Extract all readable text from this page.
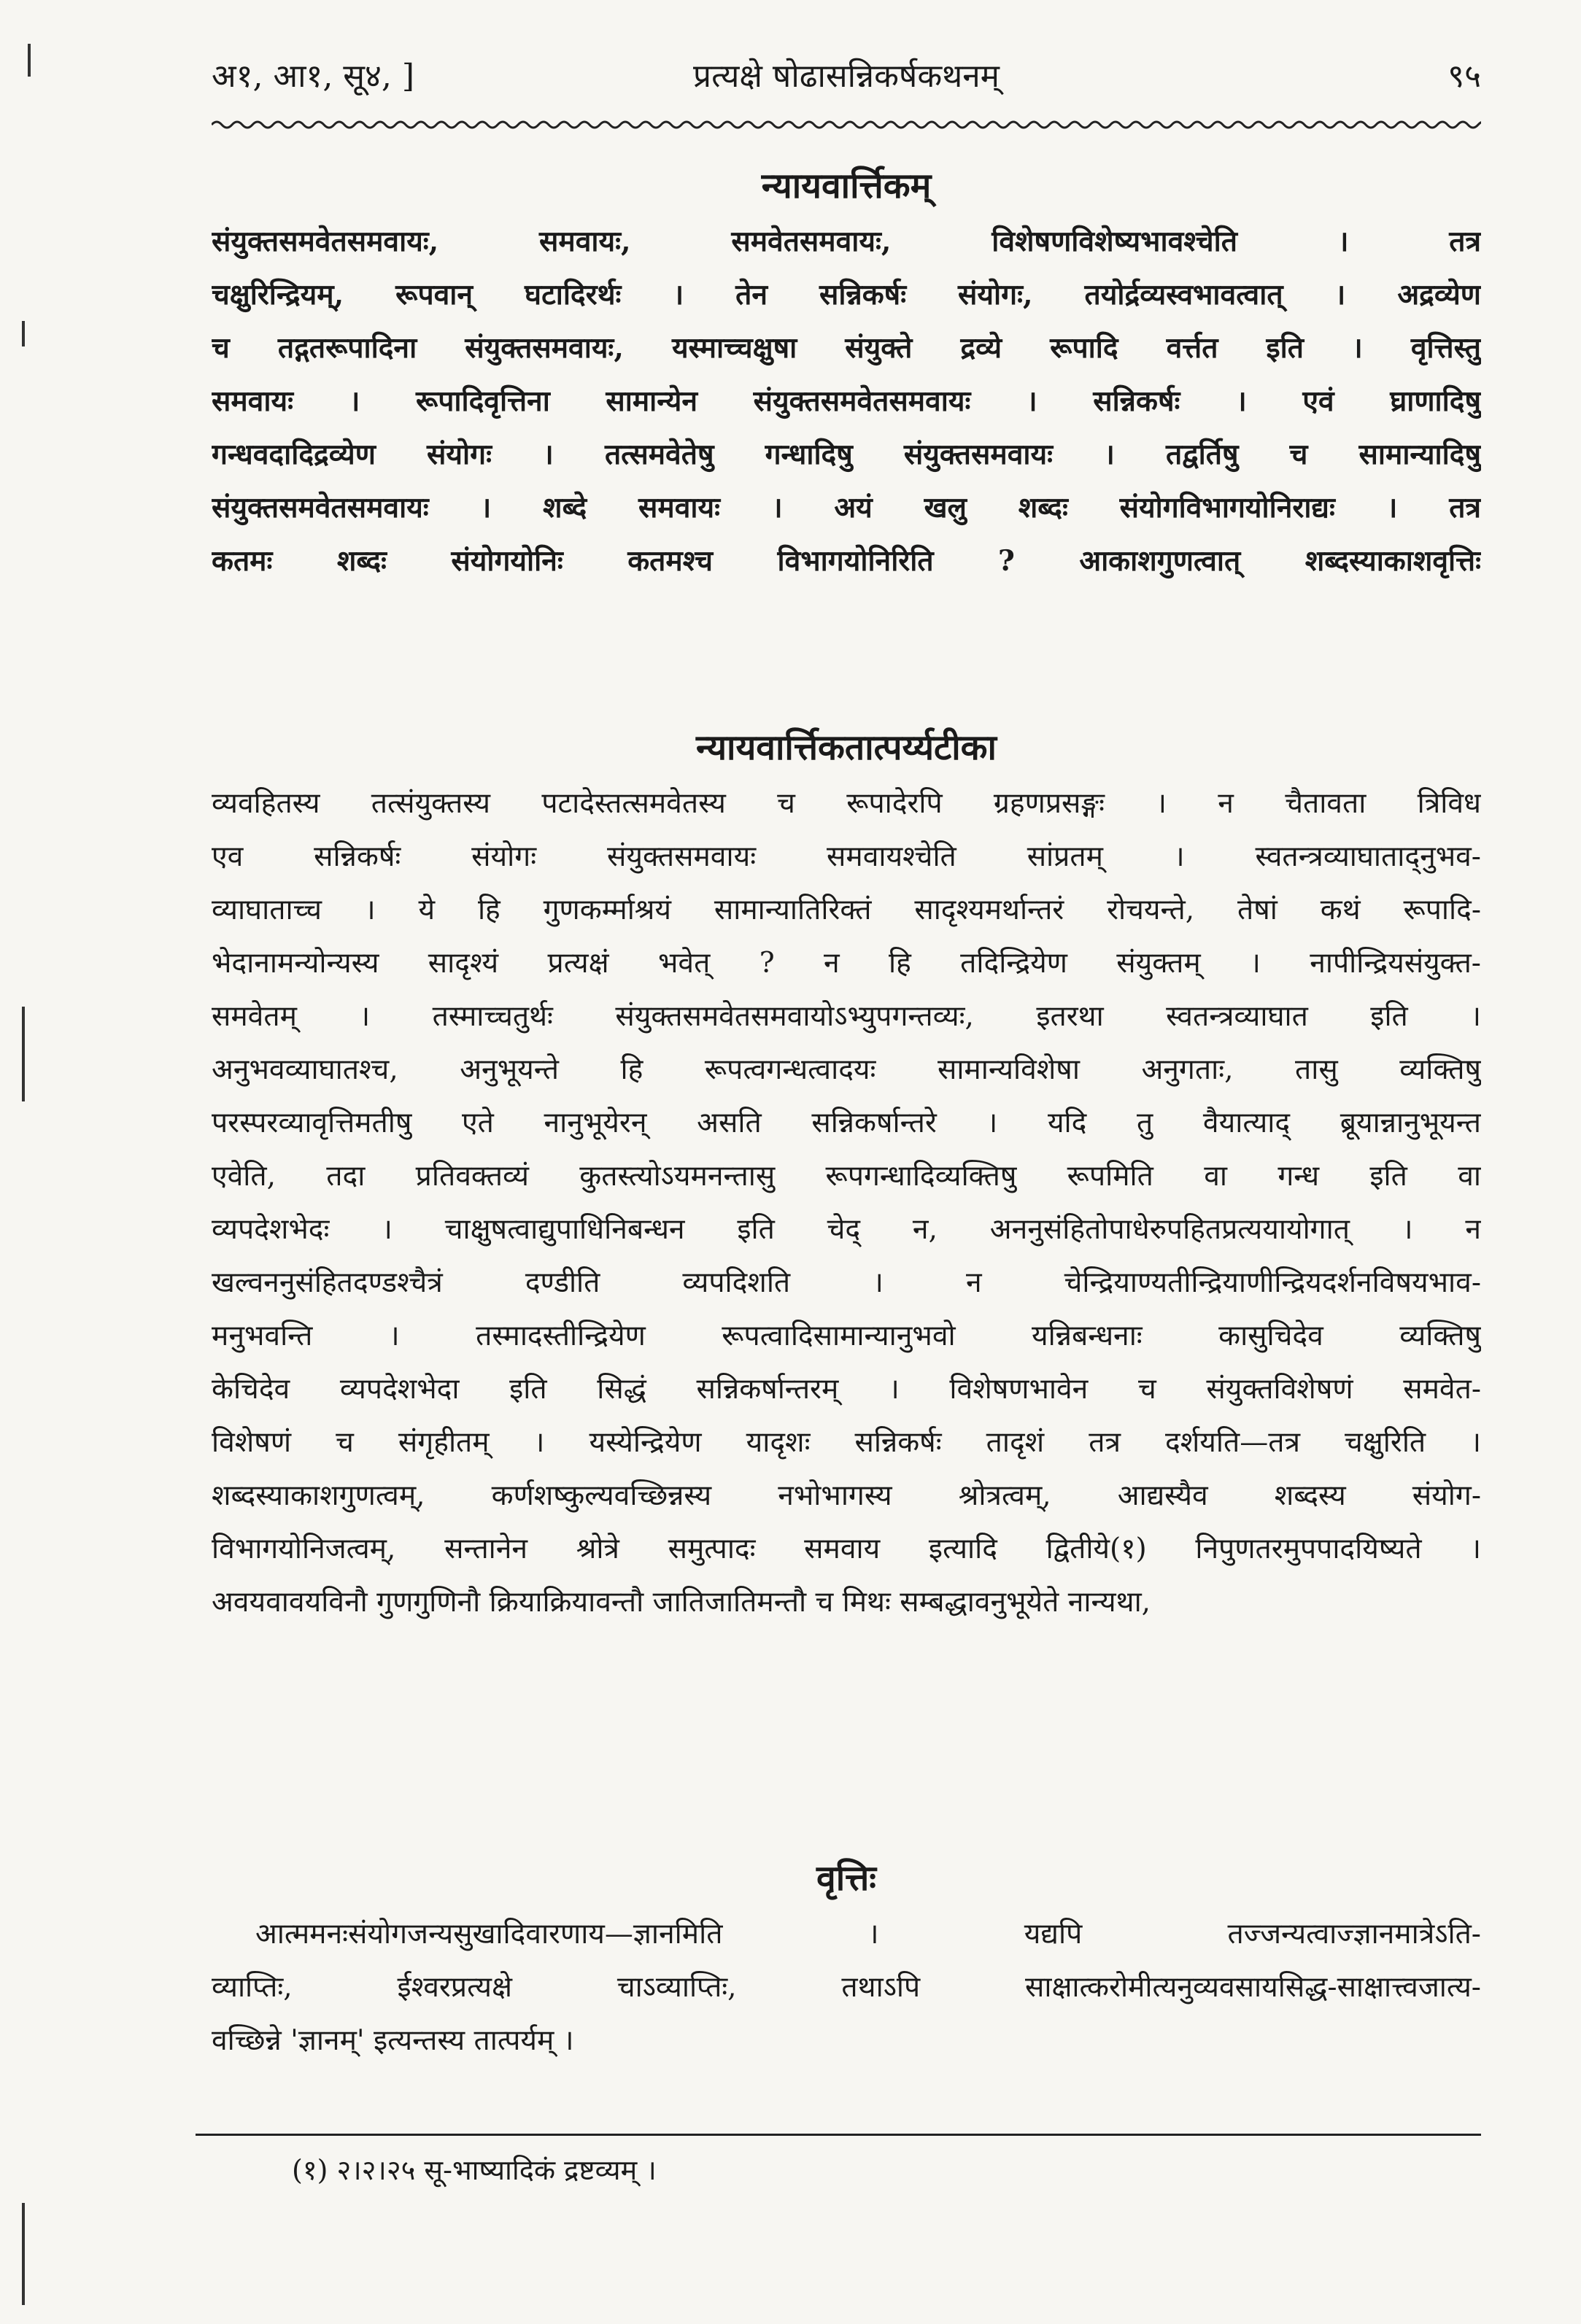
अ१, आ१, सू४, ]	प्रत्यक्षे षोढासन्निकर्षकथनम्	९५
न्यायवार्त्तिकम्
संयुक्तसमवेतसमवायः, समवायः, समवेतसमवायः, विशेषणविशेष्यभावश्चेति । तत्र
चक्षुरिन्द्रियम्, रूपवान् घटादिरर्थः । तेन सन्निकर्षः संयोगः, तयोर्द्रव्यस्वभावत्वात् । अद्रव्येण
च तद्गतरूपादिना संयुक्तसमवायः, यस्माच्चक्षुषा संयुक्ते द्रव्ये रूपादि वर्त्तत इति । वृत्तिस्तु
समवायः । रूपादिवृत्तिना सामान्येन संयुक्तसमवेतसमवायः । सन्निकर्षः । एवं घ्राणादिषु
गन्धवदादिद्रव्येण संयोगः । तत्समवेतेषु गन्धादिषु संयुक्तसमवायः । तद्वर्तिषु च सामान्यादिषु
संयुक्तसमवेतसमवायः । शब्दे समवायः । अयं खलु शब्दः संयोगविभागयोनिराद्यः । तत्र
कतमः शब्दः संयोगयोनिः कतमश्च विभागयोनिरिति ? आकाशगुणत्वात् शब्दस्याकाशवृत्तिः
न्यायवार्त्तिकतात्पर्य्यटीका
व्यवहितस्य तत्संयुक्तस्य पटादेस्तत्समवेतस्य च रूपादेरपि ग्रहणप्रसङ्गः । न चैतावता त्रिविध
एव सन्निकर्षः संयोगः संयुक्तसमवायः समवायश्चेति सांप्रतम् । स्वतन्त्रव्याघाताद्नुभव-
व्याघाताच्च । ये हि गुणकर्म्माश्रयं सामान्यातिरिक्तं सादृश्यमर्थान्तरं रोचयन्ते, तेषां कथं रूपादि-
भेदानामन्योन्यस्य सादृश्यं प्रत्यक्षं भवेत् ? न हि तदिन्द्रियेण संयुक्तम् । नापीन्द्रियसंयुक्त-
समवेतम् । तस्माच्चतुर्थः संयुक्तसमवेतसमवायोऽभ्युपगन्तव्यः, इतरथा स्वतन्त्रव्याघात इति ।
अनुभवव्याघातश्च, अनुभूयन्ते हि रूपत्वगन्धत्वादयः सामान्यविशेषा अनुगताः, तासु व्यक्तिषु
परस्परव्यावृत्तिमतीषु एते नानुभूयेरन् असति सन्निकर्षान्तरे । यदि तु वैयात्याद् ब्रूयान्नानुभूयन्त
एवेति, तदा प्रतिवक्तव्यं कुतस्त्योऽयमनन्तासु रूपगन्धादिव्यक्तिषु रूपमिति वा गन्ध इति वा
व्यपदेशभेदः । चाक्षुषत्वाद्युपाधिनिबन्धन इति चेद् न, अननुसंहितोपाधेरुपहितप्रत्ययायोगात् । न
खल्वननुसंहितदण्डश्चैत्रं दण्डीति व्यपदिशति । न चेन्द्रियाण्यतीन्द्रियाणीन्द्रियदर्शनविषयभाव-
मनुभवन्ति । तस्मादस्तीन्द्रियेण रूपत्वादिसामान्यानुभवो यन्निबन्धनाः कासुचिदेव व्यक्तिषु
केचिदेव व्यपदेशभेदा इति सिद्धं सन्निकर्षान्तरम् । विशेषणभावेन च संयुक्तविशेषणं समवेत-
विशेषणं च संगृहीतम् । यस्येन्द्रियेण यादृशः सन्निकर्षः तादृशं तत्र दर्शयति—तत्र चक्षुरिति ।
शब्दस्याकाशगुणत्वम्, कर्णशष्कुल्यवच्छिन्नस्य नभोभागस्य श्रोत्रत्वम्, आद्यस्यैव शब्दस्य संयोग-
विभागयोनिजत्वम्, सन्तानेन श्रोत्रे समुत्पादः समवाय इत्यादि द्वितीये(१) निपुणतरमुपपादयिष्यते ।
अवयवावयविनौ गुणगुणिनौ क्रियाक्रियावन्तौ जातिजातिमन्तौ च मिथः सम्बद्धावनुभूयेते नान्यथा,
वृत्तिः
आत्ममनःसंयोगजन्यसुखादिवारणाय—ज्ञानमिति । यद्यपि तज्जन्यत्वाज्ज्ञानमात्रेऽति-
व्याप्तिः, ईश्वरप्रत्यक्षे चाऽव्याप्तिः, तथाऽपि साक्षात्करोमीत्यनुव्यवसायसिद्ध-साक्षात्त्वजात्य-
वच्छिन्ने 'ज्ञानम्' इत्यन्तस्य तात्पर्यम् ।
(१) २।२।२५ सू-भाष्यादिकं द्रष्टव्यम् ।
